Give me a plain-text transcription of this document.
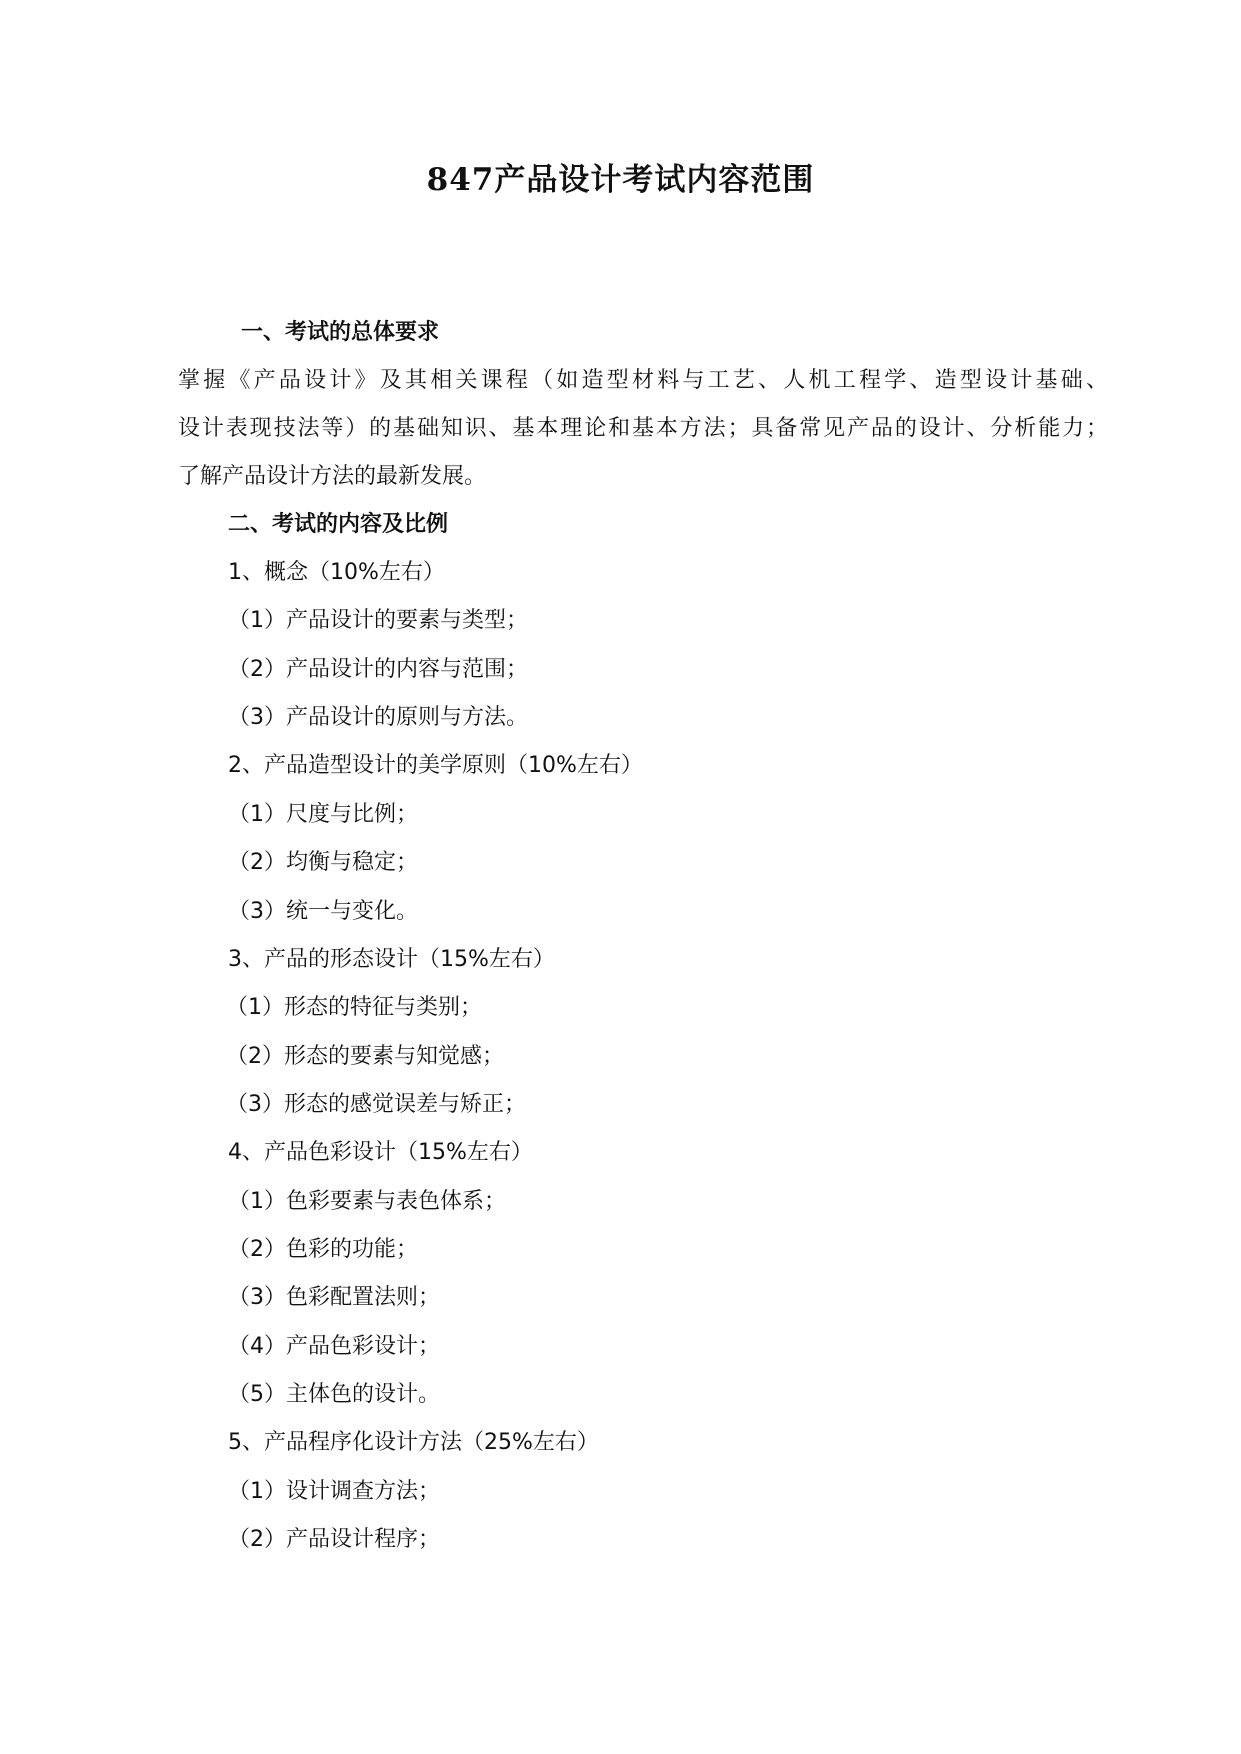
847产品设计考试内容范围
一、考试的总体要求
掌握《产品设计》及其相关课程（如造型材料与工艺、人机工程学、造型设计基础、
设计表现技法等）的基础知识、基本理论和基本方法；具备常见产品的设计、分析能力；
了解产品设计方法的最新发展。
二、考试的内容及比例
1、概念（10%左右）
（1）产品设计的要素与类型；
（2）产品设计的内容与范围；
（3）产品设计的原则与方法。
2、产品造型设计的美学原则（10%左右）
（1）尺度与比例；
（2）均衡与稳定；
（3）统一与变化。
3、产品的形态设计（15%左右）
（1）形态的特征与类别；
（2）形态的要素与知觉感；
（3）形态的感觉误差与矫正；
4、产品色彩设计（15%左右）
（1）色彩要素与表色体系；
（2）色彩的功能；
（3）色彩配置法则；
（4）产品色彩设计；
（5）主体色的设计。
5、产品程序化设计方法（25%左右）
（1）设计调查方法；
（2）产品设计程序；
